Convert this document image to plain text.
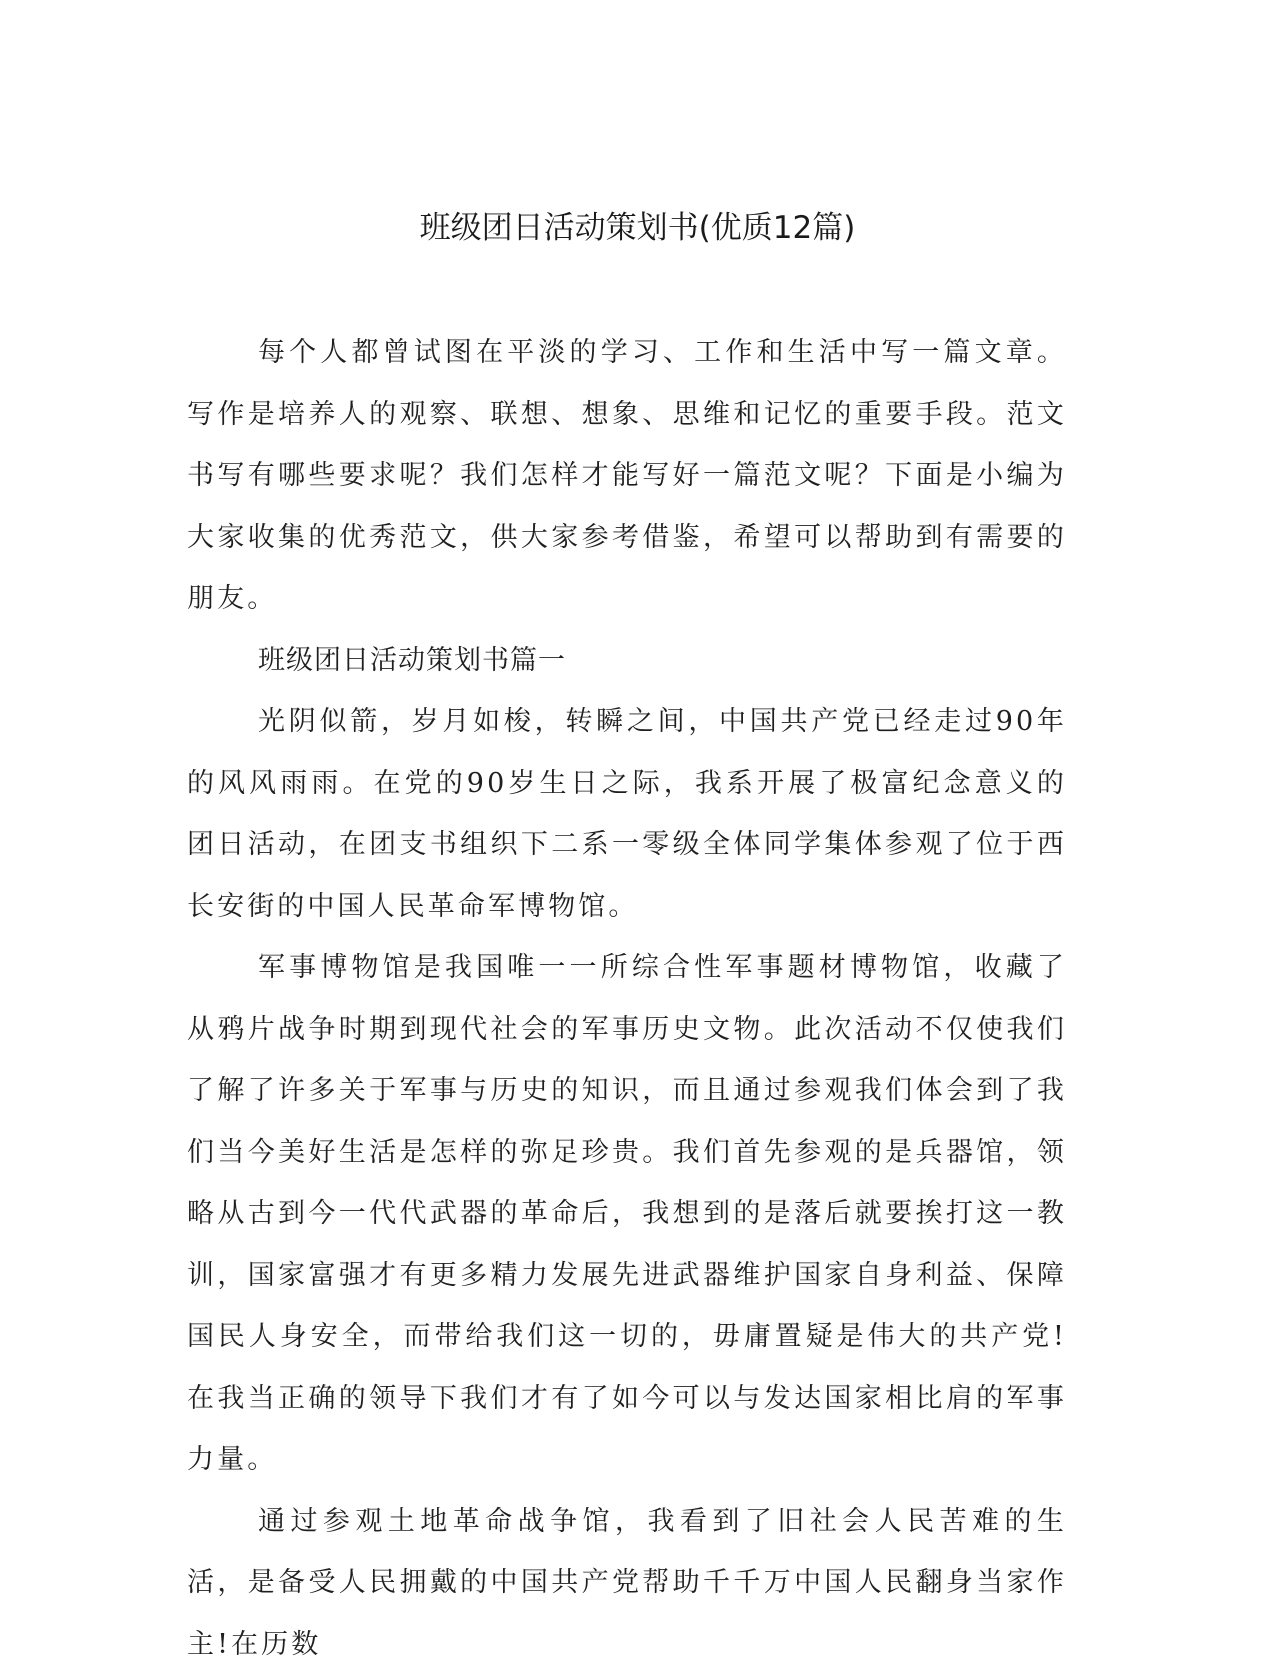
班级团日活动策划书(优质12篇)

每个人都曾试图在平淡的学习、工作和生活中写一篇文章。写作是培养人的观察、联想、想象、思维和记忆的重要手段。范文书写有哪些要求呢？我们怎样才能写好一篇范文呢？下面是小编为大家收集的优秀范文，供大家参考借鉴，希望可以帮助到有需要的朋友。

班级团日活动策划书篇一

光阴似箭，岁月如梭，转瞬之间，中国共产党已经走过90年的风风雨雨。在党的90岁生日之际，我系开展了极富纪念意义的团日活动，在团支书组织下二系一零级全体同学集体参观了位于西长安街的中国人民革命军博物馆。

军事博物馆是我国唯一一所综合性军事题材博物馆，收藏了从鸦片战争时期到现代社会的军事历史文物。此次活动不仅使我们了解了许多关于军事与历史的知识，而且通过参观我们体会到了我们当今美好生活是怎样的弥足珍贵。我们首先参观的是兵器馆，领略从古到今一代代武器的革命后，我想到的是落后就要挨打这一教训，国家富强才有更多精力发展先进武器维护国家自身利益、保障国民人身安全，而带给我们这一切的，毋庸置疑是伟大的共产党!在我当正确的领导下我们才有了如今可以与发达国家相比肩的军事力量。

通过参观土地革命战争馆，我看到了旧社会人民苦难的生活，是备受人民拥戴的中国共产党帮助千千万中国人民翻身当家作主!在历数
